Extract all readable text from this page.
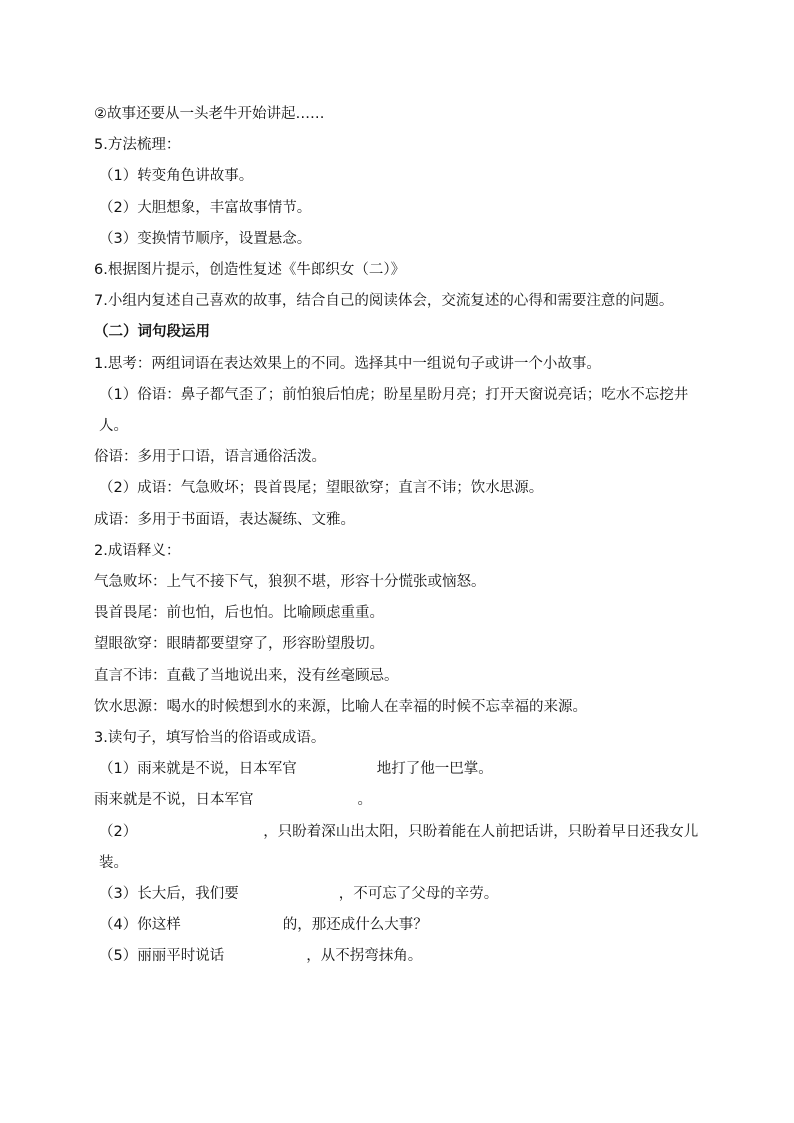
②故事还要从一头老牛开始讲起……
5.方法梳理：
（1）转变角色讲故事。
（2）大胆想象，丰富故事情节。
（3）变换情节顺序，设置悬念。
6.根据图片提示，创造性复述《牛郎织女（二）》
7.小组内复述自己喜欢的故事，结合自己的阅读体会，交流复述的心得和需要注意的问题。
（二）词句段运用
1.思考：两组词语在表达效果上的不同。选择其中一组说句子或讲一个小故事。
（1）俗语：鼻子都气歪了；前怕狼后怕虎；盼星星盼月亮；打开天窗说亮话；吃水不忘挖井人。
俗语：多用于口语，语言通俗活泼。
（2）成语：气急败坏；畏首畏尾；望眼欲穿；直言不讳；饮水思源。
成语：多用于书面语，表达凝练、文雅。
2.成语释义：
气急败坏：上气不接下气，狼狈不堪，形容十分慌张或恼怒。
畏首畏尾：前也怕，后也怕。比喻顾虑重重。
望眼欲穿：眼睛都要望穿了，形容盼望殷切。
直言不讳：直截了当地说出来，没有丝毫顾忌。
饮水思源：喝水的时候想到水的来源，比喻人在幸福的时候不忘幸福的来源。
3.读句子，填写恰当的俗语或成语。
（1）雨来就是不说，日本军官	地打了他一巴掌。
雨来就是不说，日本军官	。
（2）	，只盼着深山出太阳，只盼着能在人前把话讲，只盼着早日还我女儿装。
（3）长大后，我们要	，不可忘了父母的辛劳。
（4）你这样	的，那还成什么大事？
（5）丽丽平时说话	，从不拐弯抹角。
